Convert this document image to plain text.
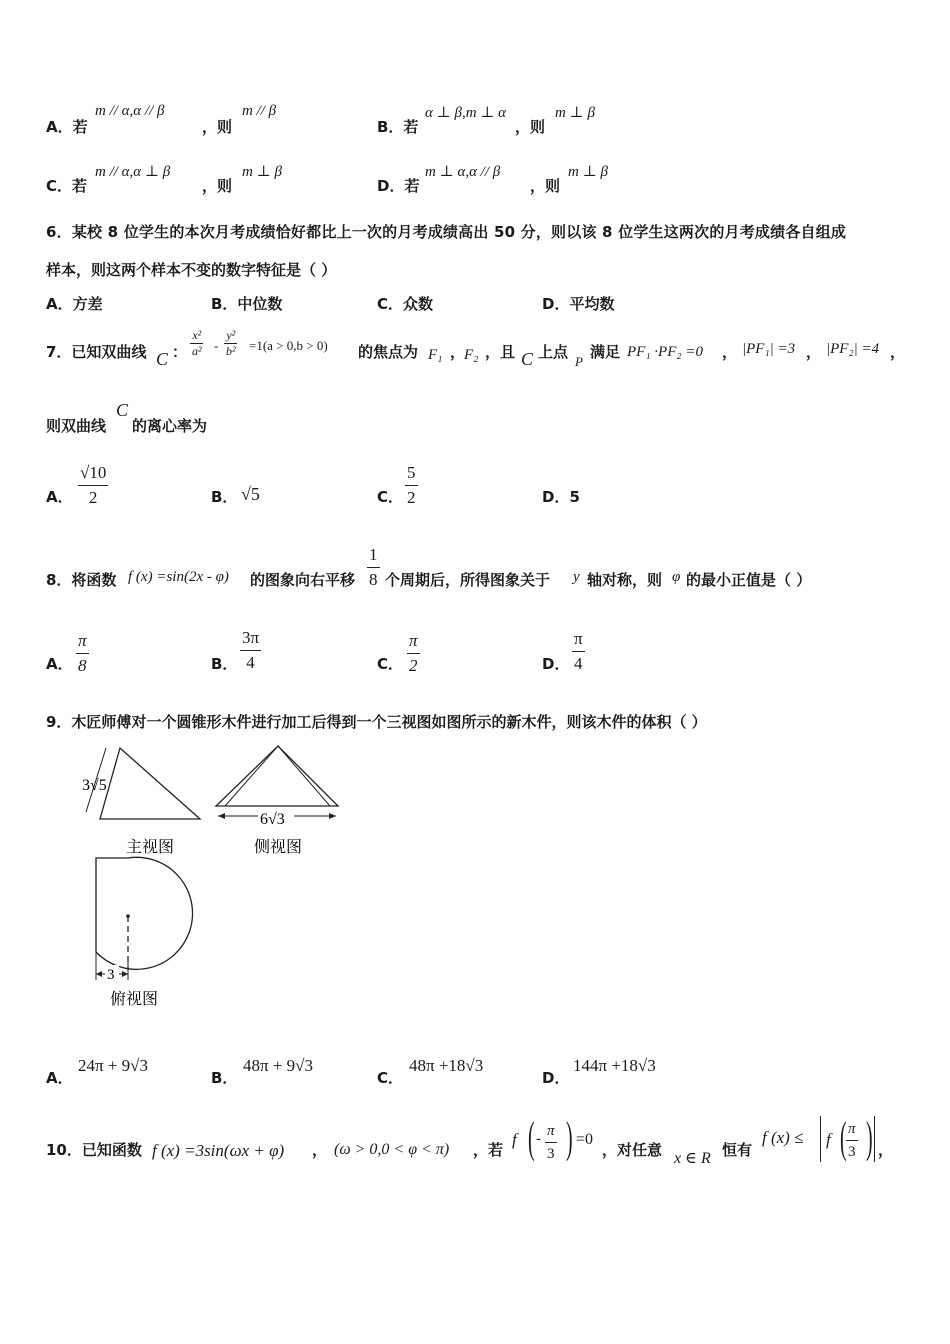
A．若
m // α,α // β
，则
m // β
B．若
α ⊥ β,m ⊥ α
，则
m ⊥ β
C．若
m // α,α ⊥ β
，则
m ⊥ β
D．若
m ⊥ α,α // β
，则
m ⊥ β
6．某校 8 位学生的本次月考成绩恰好都比上一次的月考成绩高出 50 分，则以该 8 位学生这两次的月考成绩各自组成
样本，则这两个样本不变的数字特征是（ ）
A．方差	B．中位数	C．众数	D．平均数
7．已知双曲线 C ： $\frac{\text{x²}}{\text{a²}} - \frac{\text{y²}}{\text{b²}} =1(a > 0,b > 0)$ 的焦点为 F₁ ，
F₂ ，且 C 上点
P
满足 PF₁ ·PF₂ =0 ， |PF₁| =3 ， |PF₂| =4 ，
则双曲线
C
的离心率为
A． $\frac{√10}{2}$	B． √5	C． $\frac{5}{2}$	D．5
8．将函数 f (x) =sin(2x - φ) 的图象向右平移 $\frac{1}{8}$ 个周期后，所得图象关于 y 轴对称，则 φ 的最小正值是（ ）
A． $\frac{\pi}{8}$	B． $\frac{3\pi}{4}$	C． $\frac{\pi}{2}$	D． $\frac{\pi}{4}$
9．木匠师傅对一个圆锥形木件进行加工后得到一个三视图如图所示的新木件，则该木件的体积（ ）
3√5
主视图
6√3
侧视图
3
俯视图
A．
24π + 9√3
B．
48π + 9√3
C．
48π +18√3
D．
144π +18√3
10．已知函数 f (x) =3sin(ωx + φ) ， (ω > 0,0 < φ < π) ，若
f ( - $\frac{\pi}{3}$ ) =0
，对任意 x ∈ R 恒有
f (x) ≤ f ( $\frac{\pi}{3}$ ) ，
